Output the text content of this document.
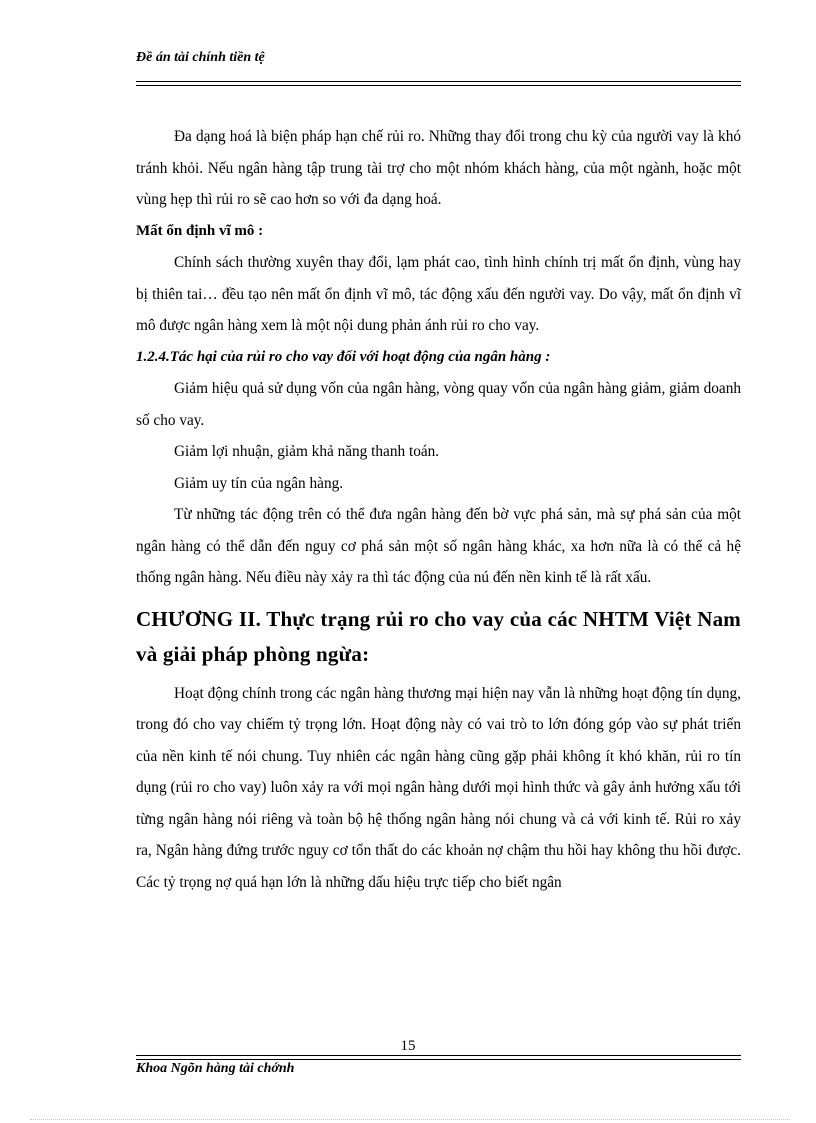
Đề án tài chính tiền tệ

Đa dạng hoá là biện pháp hạn chế rủi ro. Những thay đổi trong chu kỳ của người vay là khó tránh khỏi. Nếu ngân hàng tập trung tài trợ cho một nhóm khách hàng, của một ngành, hoặc một vùng hẹp thì rủi ro sẽ cao hơn so với đa dạng hoá.

Mất ổn định vĩ mô :

Chính sách thường xuyên thay đổi, lạm phát cao, tình hình chính trị mất ổn định, vùng hay bị thiên tai… đều tạo nên mất ổn định vĩ mô, tác động xấu đến người vay. Do vậy, mất ổn định vĩ mô được ngân hàng xem là một nội dung phản ánh rủi ro cho vay.

1.2.4.Tác hại của rủi ro cho vay đối với hoạt động của ngân hàng :

Giảm hiệu quả sử dụng vốn của ngân hàng, vòng quay vốn của ngân hàng giảm, giảm doanh số cho vay.

Giảm lợi nhuận, giảm khả năng thanh toán.

Giảm uy tín của ngân hàng.

Từ những tác động trên có thể đưa ngân hàng đến bờ vực phá sản, mà sự phá sản của một ngân hàng có thể dẫn đến nguy cơ phá sản một số ngân hàng khác, xa hơn nữa là có thể cả hệ thống ngân hàng. Nếu điều này xảy ra thì tác động của nú đến nền kinh tế là rất xấu.

CHƯƠNG II. Thực trạng rủi ro cho vay của các NHTM Việt Nam và giải pháp phòng ngừa:

Hoạt động chính trong các ngân hàng thương mại hiện nay vẫn là những hoạt động tín dụng, trong đó cho vay chiếm tỷ trọng lớn. Hoạt động này có vai trò to lớn đóng góp vào sự phát triển của nền kinh tế nói chung. Tuy nhiên các ngân hàng cũng gặp phải không ít khó khăn, rủi ro tín dụng (rủi ro cho vay) luôn xảy ra với mọi ngân hàng dưới mọi hình thức và gây ảnh hưởng xấu tới từng ngân hàng nói riêng và toàn bộ hệ thống ngân hàng nói chung và cả với kinh tế. Rủi ro xảy ra, Ngân hàng đứng trước nguy cơ tổn thất do các khoản nợ chậm thu hồi hay không thu hồi được. Các tỷ trọng nợ quá hạn lớn là những dấu hiệu trực tiếp cho biết ngân

15
Khoa Ngõn hàng tài chớnh
